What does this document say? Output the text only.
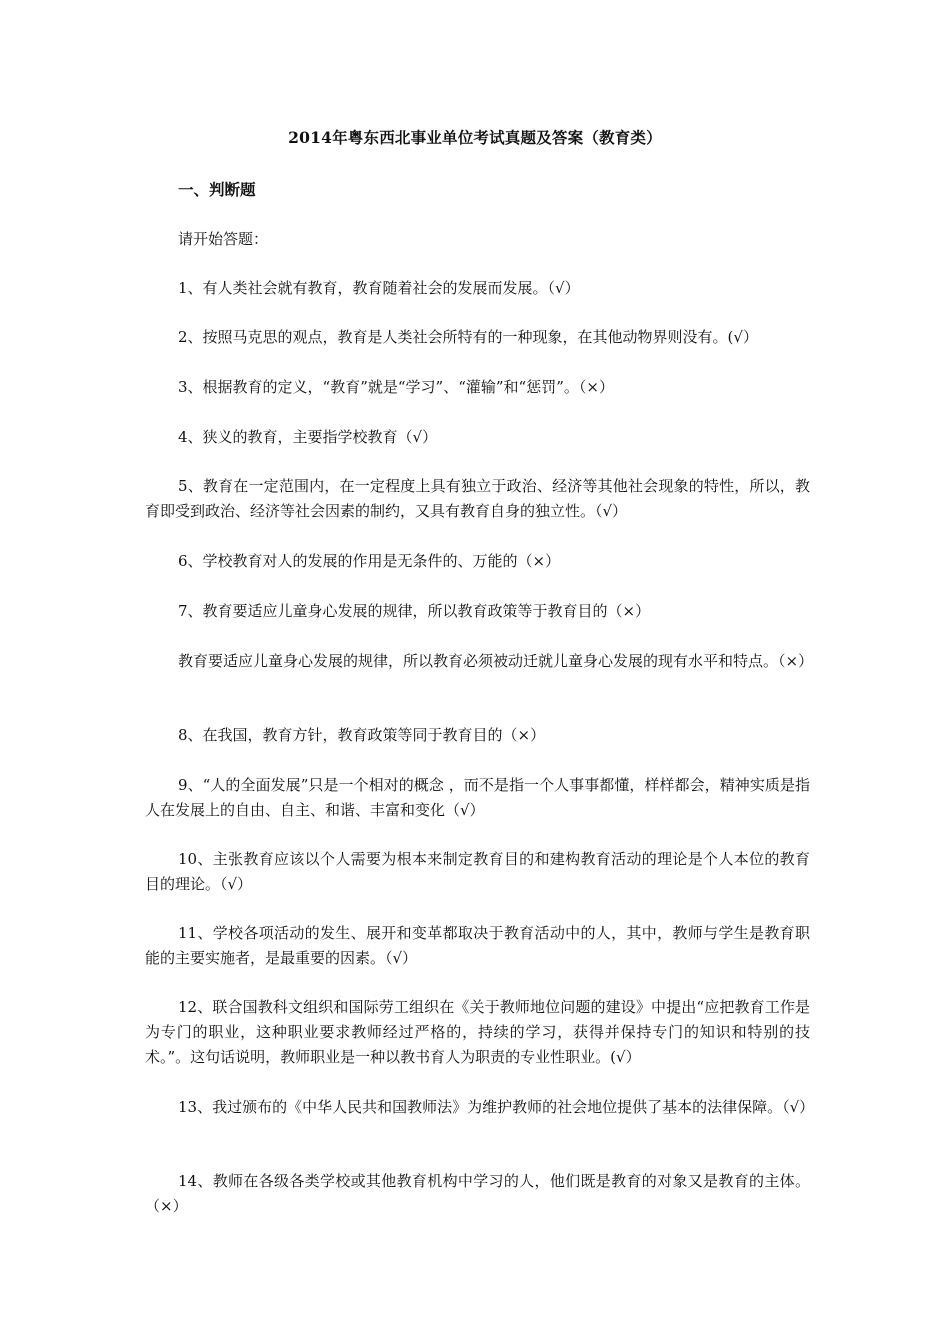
2014年粤东西北事业单位考试真题及答案（教育类）
一、判断题
请开始答题：

1、有人类社会就有教育，教育随着社会的发展而发展。（√）

2、按照马克思的观点，教育是人类社会所特有的一种现象，在其他动物界则没有。(√）

3、根据教育的定义，“教育”就是“学习”、“灌输”和“惩罚”。（×）

4、狭义的教育，主要指学校教育（√）

5、教育在一定范围内，在一定程度上具有独立于政治、经济等其他社会现象的特性，所以，教育即受到政治、经济等社会因素的制约，又具有教育自身的独立性。（√）

6、学校教育对人的发展的作用是无条件的、万能的（×）

7、教育要适应儿童身心发展的规律，所以教育政策等于教育目的（×）

教育要适应儿童身心发展的规律，所以教育必须被动迁就儿童身心发展的现有水平和特点。（×）

8、在我国，教育方针，教育政策等同于教育目的（×）

9、“人的全面发展”只是一个相对的概念 ，而不是指一个人事事都懂，样样都会，精神实质是指人在发展上的自由、自主、和谐、丰富和变化（√）

10、主张教育应该以个人需要为根本来制定教育目的和建构教育活动的理论是个人本位的教育目的理论。（√）

11、学校各项活动的发生、展开和变革都取决于教育活动中的人，其中，教师与学生是教育职能的主要实施者，是最重要的因素。（√）

12、联合国教科文组织和国际劳工组织在《关于教师地位问题的建设》中提出“应把教育工作是为专门的职业，这种职业要求教师经过严格的，持续的学习，获得并保持专门的知识和特别的技术。”。这句话说明，教师职业是一种以教书育人为职责的专业性职业。(√）

13、我过颁布的《中华人民共和国教师法》为维护教师的社会地位提供了基本的法律保障。（√）

14、教师在各级各类学校或其他教育机构中学习的人，他们既是教育的对象又是教育的主体。（×）
